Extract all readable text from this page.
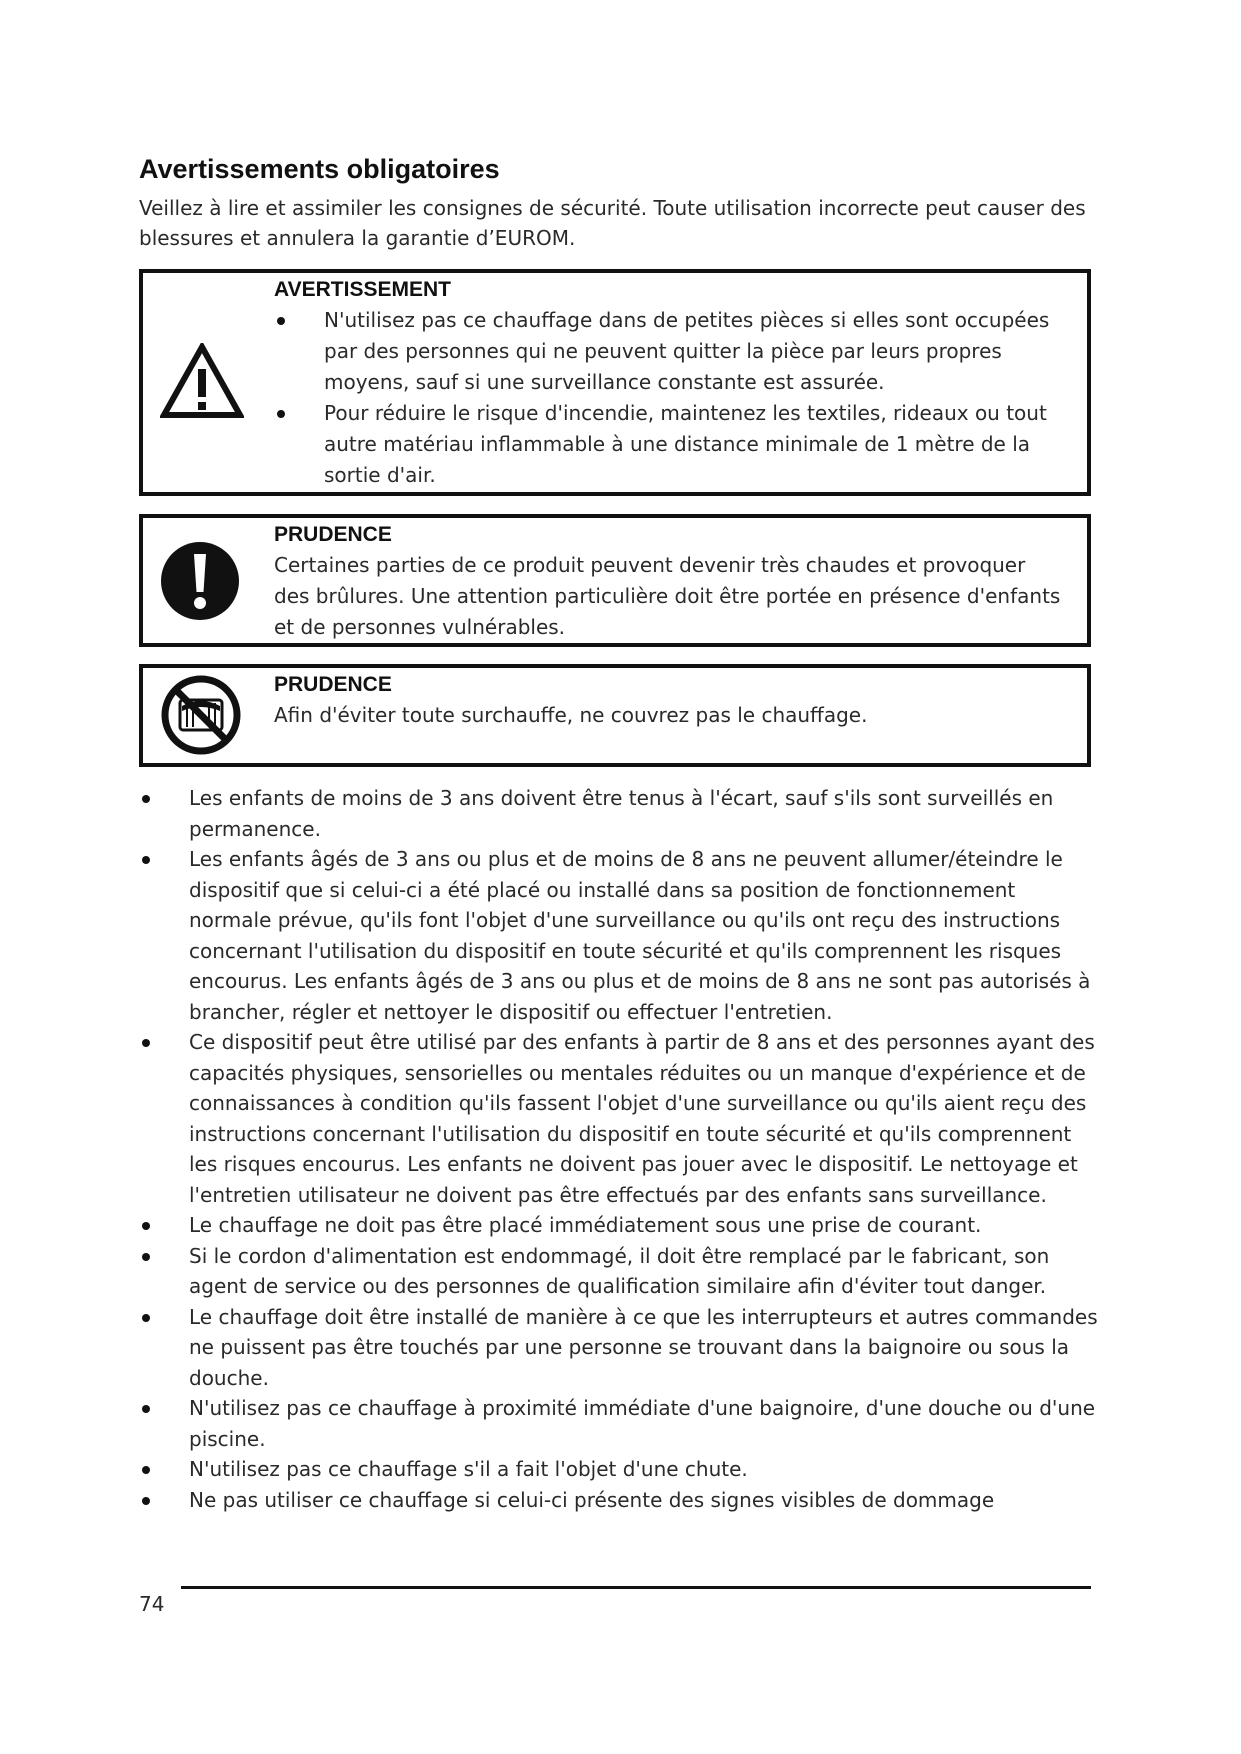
Avertissements obligatoires
Veillez à lire et assimiler les consignes de sécurité. Toute utilisation incorrecte peut causer des blessures et annulera la garantie d’EUROM.
AVERTISSEMENT
N'utilisez pas ce chauffage dans de petites pièces si elles sont occupées par des personnes qui ne peuvent quitter la pièce par leurs propres moyens, sauf si une surveillance constante est assurée.
Pour réduire le risque d'incendie, maintenez les textiles, rideaux ou tout autre matériau inflammable à une distance minimale de 1 mètre de la sortie d'air.
PRUDENCE
Certaines parties de ce produit peuvent devenir très chaudes et provoquer des brûlures. Une attention particulière doit être portée en présence d'enfants et de personnes vulnérables.
PRUDENCE
Afin d'éviter toute surchauffe, ne couvrez pas le chauffage.
Les enfants de moins de 3 ans doivent être tenus à l'écart, sauf s'ils sont surveillés en permanence.
Les enfants âgés de 3 ans ou plus et de moins de 8 ans ne peuvent allumer/éteindre le dispositif que si celui-ci a été placé ou installé dans sa position de fonctionnement normale prévue, qu'ils font l'objet d'une surveillance ou qu'ils ont reçu des instructions concernant l'utilisation du dispositif en toute sécurité et qu'ils comprennent les risques encourus. Les enfants âgés de 3 ans ou plus et de moins de 8 ans ne sont pas autorisés à brancher, régler et nettoyer le dispositif ou effectuer l'entretien.
Ce dispositif peut être utilisé par des enfants à partir de 8 ans et des personnes ayant des capacités physiques, sensorielles ou mentales réduites ou un manque d'expérience et de connaissances à condition qu'ils fassent l'objet d'une surveillance ou qu'ils aient reçu des instructions concernant l'utilisation du dispositif en toute sécurité et qu'ils comprennent les risques encourus. Les enfants ne doivent pas jouer avec le dispositif. Le nettoyage et l'entretien utilisateur ne doivent pas être effectués par des enfants sans surveillance.
Le chauffage ne doit pas être placé immédiatement sous une prise de courant.
Si le cordon d'alimentation est endommagé, il doit être remplacé par le fabricant, son agent de service ou des personnes de qualification similaire afin d'éviter tout danger.
Le chauffage doit être installé de manière à ce que les interrupteurs et autres commandes ne puissent pas être touchés par une personne se trouvant dans la baignoire ou sous la douche.
N'utilisez pas ce chauffage à proximité immédiate d'une baignoire, d'une douche ou d'une piscine.
N'utilisez pas ce chauffage s'il a fait l'objet d'une chute.
Ne pas utiliser ce chauffage si celui-ci présente des signes visibles de dommage
74
